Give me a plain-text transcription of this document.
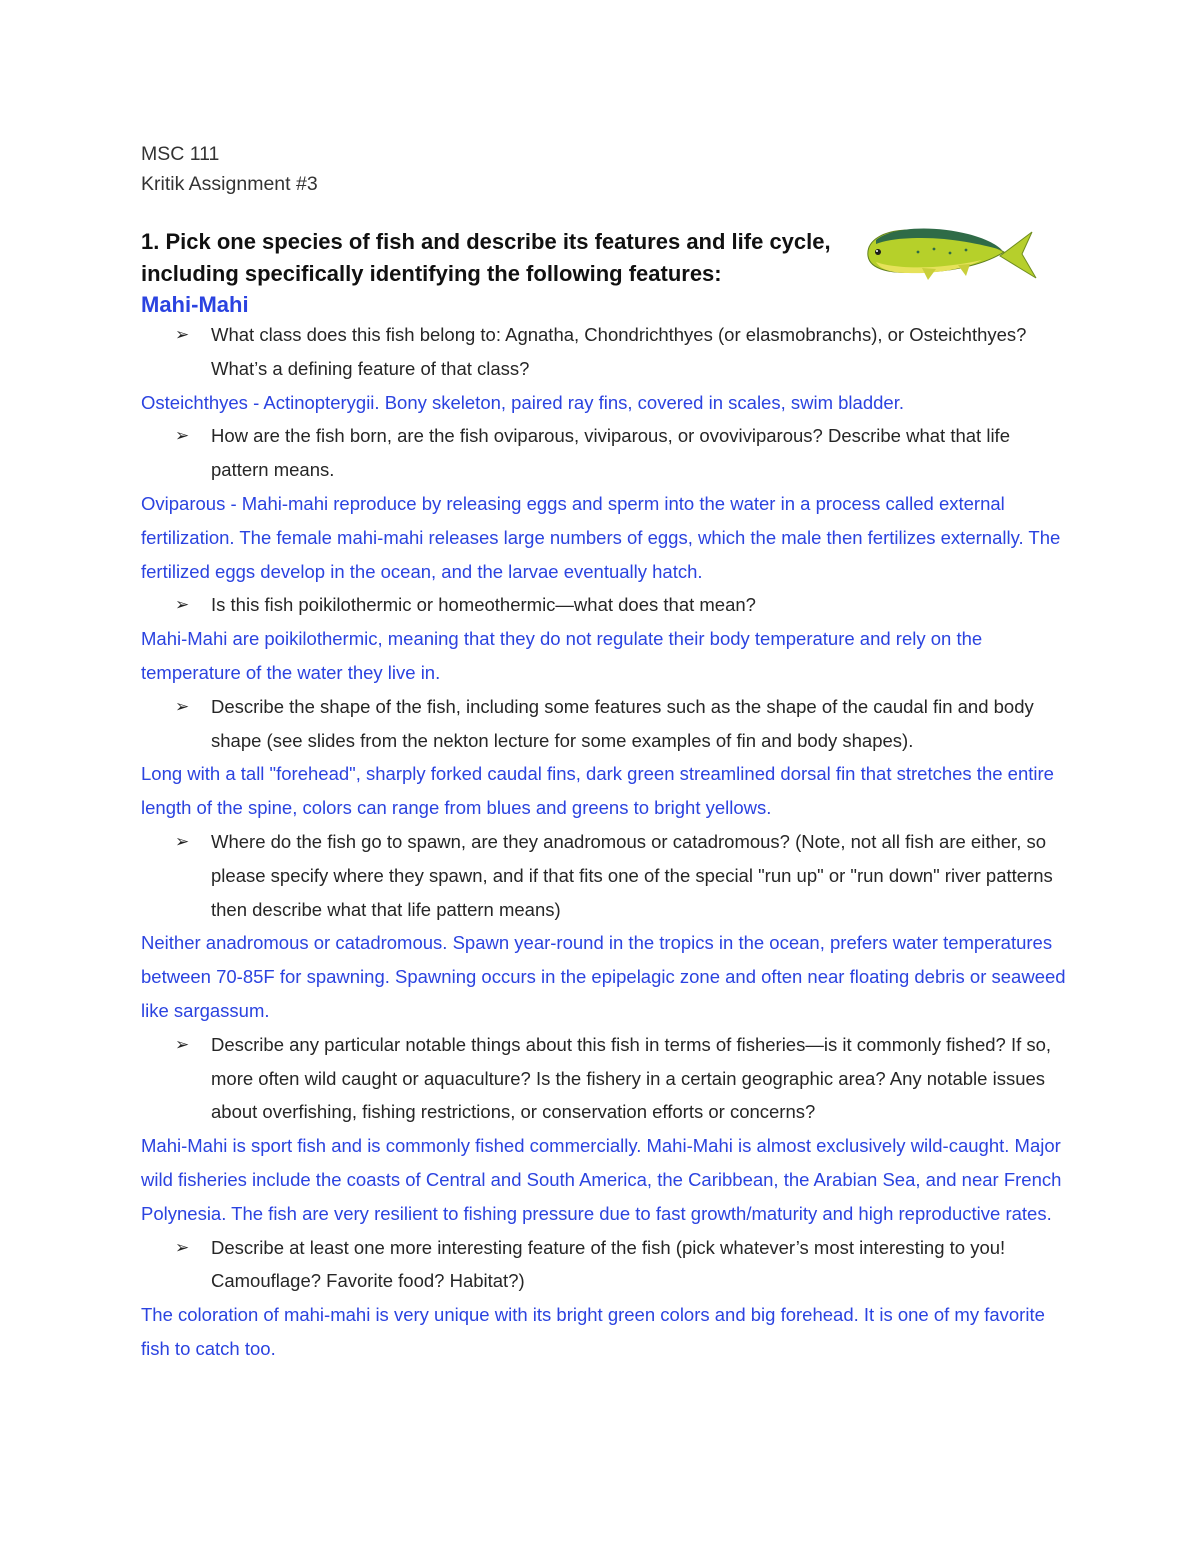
MSC 111
Kritik Assignment #3
1. Pick one species of fish and describe its features and life cycle, including specifically identifying the following features:
Mahi-Mahi

➢ What class does this fish belong to: Agnatha, Chondrichthyes (or elasmobranchs), or Osteichthyes? What’s a defining feature of that class?

Osteichthyes - Actinopterygii. Bony skeleton, paired ray fins, covered in scales, swim bladder.

➢ How are the fish born, are the fish oviparous, viviparous, or ovoviviparous? Describe what that life pattern means.

Oviparous - Mahi-mahi reproduce by releasing eggs and sperm into the water in a process called external fertilization. The female mahi-mahi releases large numbers of eggs, which the male then fertilizes externally. The fertilized eggs develop in the ocean, and the larvae eventually hatch.

➢ Is this fish poikilothermic or homeothermic—what does that mean?

Mahi-Mahi are poikilothermic, meaning that they do not regulate their body temperature and rely on the temperature of the water they live in.

➢ Describe the shape of the fish, including some features such as the shape of the caudal fin and body shape (see slides from the nekton lecture for some examples of fin and body shapes).

Long with a tall "forehead", sharply forked caudal fins, dark green streamlined dorsal fin that stretches the entire length of the spine, colors can range from blues and greens to bright yellows.

➢ Where do the fish go to spawn, are they anadromous or catadromous? (Note, not all fish are either, so please specify where they spawn, and if that fits one of the special "run up" or "run down" river patterns then describe what that life pattern means)

Neither anadromous or catadromous. Spawn year-round in the tropics in the ocean, prefers water temperatures between 70-85F for spawning. Spawning occurs in the epipelagic zone and often near floating debris or seaweed like sargassum.

➢ Describe any particular notable things about this fish in terms of fisheries—is it commonly fished? If so, more often wild caught or aquaculture? Is the fishery in a certain geographic area? Any notable issues about overfishing, fishing restrictions, or conservation efforts or concerns?

Mahi-Mahi is sport fish and is commonly fished commercially. Mahi-Mahi is almost exclusively wild-caught. Major wild fisheries include the coasts of Central and South America, the Caribbean, the Arabian Sea, and near French Polynesia. The fish are very resilient to fishing pressure due to fast growth/maturity and high reproductive rates.

➢ Describe at least one more interesting feature of the fish (pick whatever’s most interesting to you! Camouflage? Favorite food? Habitat?)

The coloration of mahi-mahi is very unique with its bright green colors and big forehead. It is one of my favorite fish to catch too.
